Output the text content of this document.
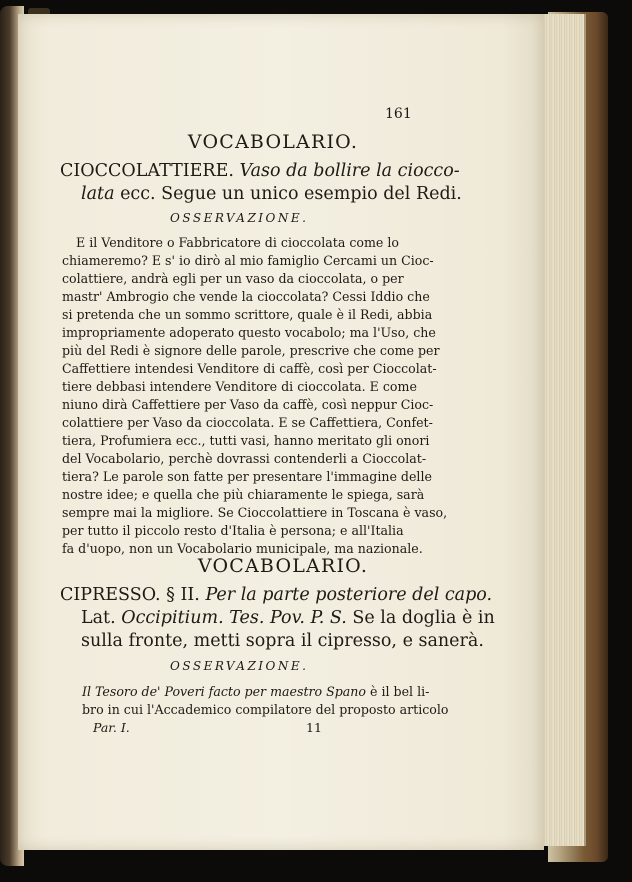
161
VOCABOLARIO.
CIOCCOLATTIERE. Vaso da bollire la ciocco-
lata ecc. Segue un unico esempio del Redi.
OSSERVAZIONE.
E il Venditore o Fabbricatore di cioccolata come lo
chiameremo? E s' io dirò al mio famiglio Cercami un Cioc-
colattiere, andrà egli per un vaso da cioccolata, o per
mastr' Ambrogio che vende la cioccolata? Cessi Iddio che
si pretenda che un sommo scrittore, quale è il Redi, abbia
impropriamente adoperato questo vocabolo; ma l'Uso, che
più del Redi è signore delle parole, prescrive che come per
Caffettiere intendesi Venditore di caffè, così per Cioccolat-
tiere debbasi intendere Venditore di cioccolata. E come
niuno dirà Caffettiere per Vaso da caffè, così neppur Cioc-
colattiere per Vaso da cioccolata. E se Caffettiera, Confet-
tiera, Profumiera ecc., tutti vasi, hanno meritato gli onori
del Vocabolario, perchè dovrassi contenderli a Cioccolat-
tiera? Le parole son fatte per presentare l'immagine delle
nostre idee; e quella che più chiaramente le spiega, sarà
sempre mai la migliore. Se Cioccolattiere in Toscana è vaso,
per tutto il piccolo resto d'Italia è persona; e all'Italia
fa d'uopo, non un Vocabolario municipale, ma nazionale.
VOCABOLARIO.
CIPRESSO. § II. Per la parte posteriore del capo.
Lat. Occipitium. Tes. Pov. P. S. Se la doglia è in
sulla fronte, metti sopra il cipresso, e sanerà.
OSSERVAZIONE.
Il Tesoro de' Poveri facto per maestro Spano è il bel li-
bro in cui l'Accademico compilatore del proposto articolo
Par. I.	11
